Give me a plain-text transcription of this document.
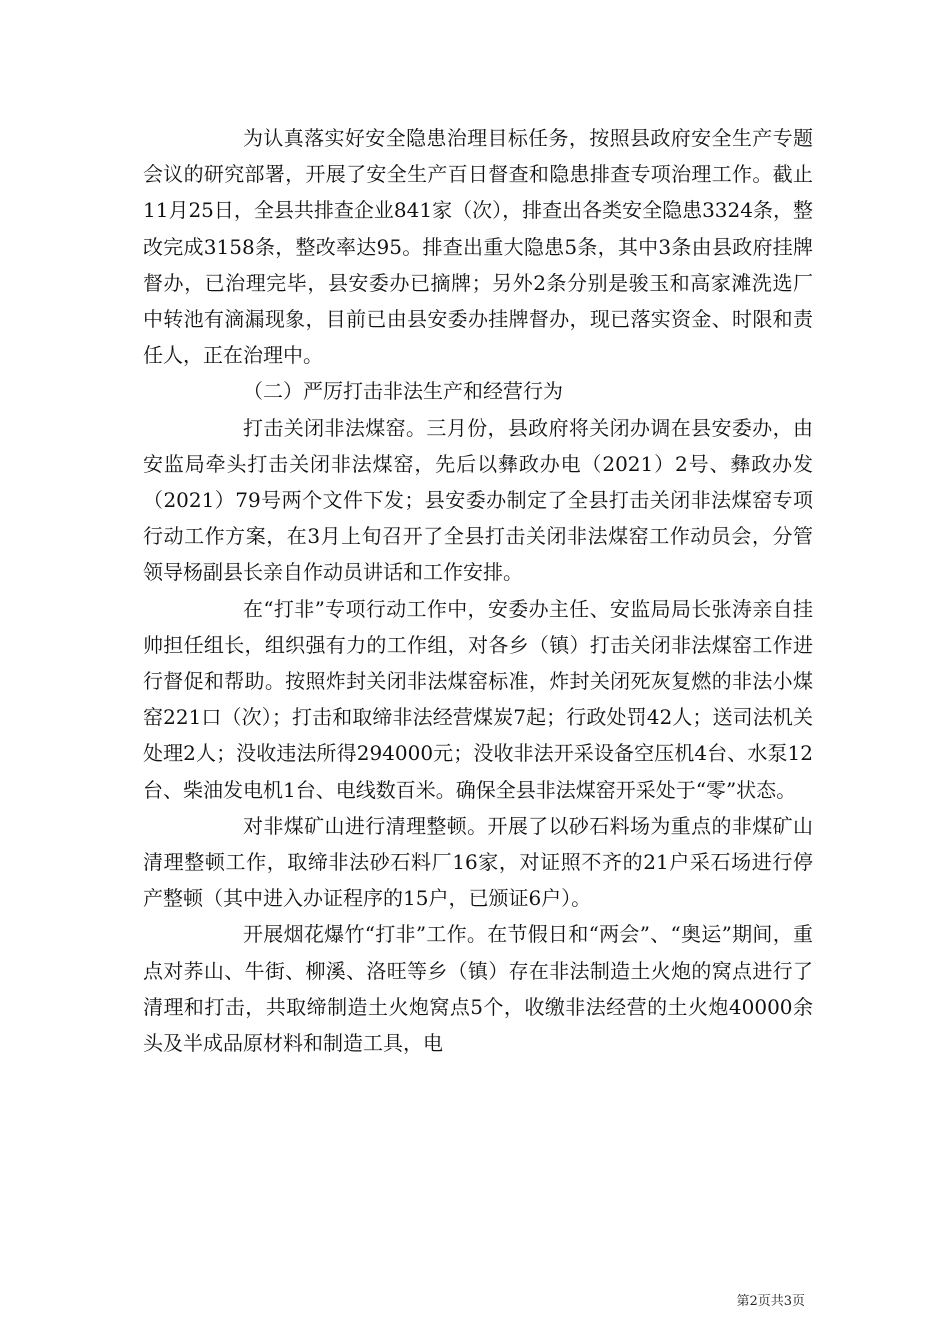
为认真落实好安全隐患治理目标任务，按照县政府安全生产专题会议的研究部署，开展了安全生产百日督查和隐患排查专项治理工作。截止11月25日，全县共排查企业841家（次），排查出各类安全隐患3324条，整改完成3158条，整改率达95。排查出重大隐患5条，其中3条由县政府挂牌督办，已治理完毕，县安委办已摘牌；另外2条分别是骏玉和高家滩洗选厂中转池有滴漏现象，目前已由县安委办挂牌督办，现已落实资金、时限和责任人，正在治理中。

（二）严厉打击非法生产和经营行为

打击关闭非法煤窑。三月份，县政府将关闭办调在县安委办，由安监局牵头打击关闭非法煤窑，先后以彝政办电（2021）2号、彝政办发（2021）79号两个文件下发；县安委办制定了全县打击关闭非法煤窑专项行动工作方案，在3月上旬召开了全县打击关闭非法煤窑工作动员会，分管领导杨副县长亲自作动员讲话和工作安排。

在“打非”专项行动工作中，安委办主任、安监局局长张涛亲自挂帅担任组长，组织强有力的工作组，对各乡（镇）打击关闭非法煤窑工作进行督促和帮助。按照炸封关闭非法煤窑标准，炸封关闭死灰复燃的非法小煤窑221口（次）；打击和取缔非法经营煤炭7起；行政处罚42人；送司法机关处理2人；没收违法所得294000元；没收非法开采设备空压机4台、水泵12台、柴油发电机1台、电线数百米。确保全县非法煤窑开采处于“零”状态。

对非煤矿山进行清理整顿。开展了以砂石料场为重点的非煤矿山清理整顿工作，取缔非法砂石料厂16家，对证照不齐的21户采石场进行停产整顿（其中进入办证程序的15户，已颁证6户）。

开展烟花爆竹“打非”工作。在节假日和“两会”、“奥运”期间，重点对荞山、牛街、柳溪、洛旺等乡（镇）存在非法制造土火炮的窝点进行了清理和打击，共取缔制造土火炮窝点5个，收缴非法经营的土火炮40000余头及半成品原材料和制造工具，电

第2页共3页
